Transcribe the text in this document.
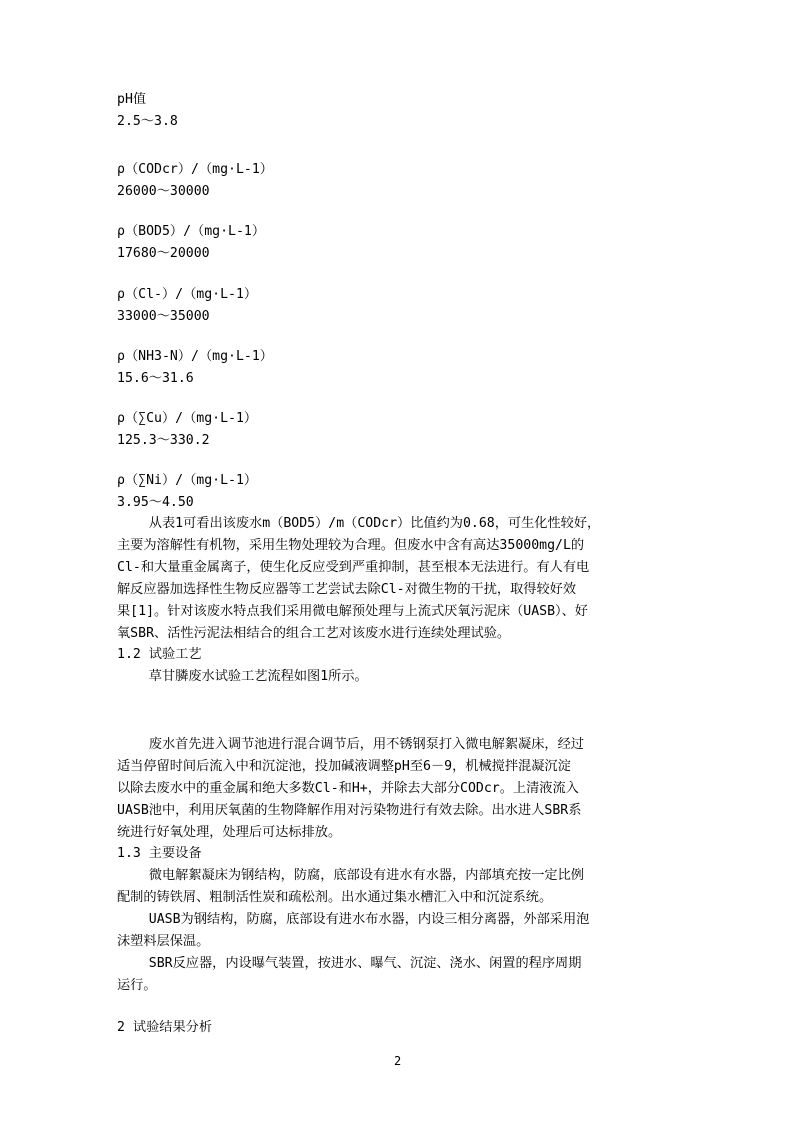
pH值

2.5～3.8

ρ（CODcr）/（mg·L-1）

26000～30000

ρ（BOD5）/（mg·L-1）

17680～20000

ρ（Cl-）/（mg·L-1）

33000～35000

ρ（NH3-N）/（mg·L-1）

15.6～31.6

ρ（∑Cu）/（mg·L-1）

125.3～330.2

ρ（∑Ni）/（mg·L-1）

3.95～4.50

从表1可看出该废水m（BOD5）/m（CODcr）比值约为0.68，可生化性较好，

主要为溶解性有机物，采用生物处理较为合理。但废水中含有高达35000mg/L的

Cl-和大量重金属离子，使生化反应受到严重抑制，甚至根本无法进行。有人有电

解反应器加选择性生物反应器等工艺尝试去除Cl-对微生物的干扰，取得较好效

果[1]。针对该废水特点我们采用微电解预处理与上流式厌氧污泥床（UASB）、好

氧SBR、活性污泥法相结合的组合工艺对该废水进行连续处理试验。

1.2 试验工艺

草甘膦废水试验工艺流程如图1所示。

废水首先进入调节池进行混合调节后，用不锈钢泵打入微电解絮凝床，经过

适当停留时间后流入中和沉淀池，投加碱液调整pH至6－9，机械搅拌混凝沉淀

以除去废水中的重金属和绝大多数Cl-和H+，并除去大部分CODcr。上清液流入

UASB池中，利用厌氧菌的生物降解作用对污染物进行有效去除。出水进人SBR系

统进行好氧处理，处理后可达标排放。

1.3 主要设备

微电解絮凝床为钢结构，防腐，底部设有进水有水器，内部填充按一定比例

配制的铸铁屑、粗制活性炭和疏松剂。出水通过集水槽汇入中和沉淀系统。

UASB为钢结构，防腐，底部设有进水布水器，内设三相分离器，外部采用泡

沫塑料层保温。

SBR反应器，内设曝气装置，按进水、曝气、沉淀、浇水、闲置的程序周期

运行。

2 试验结果分析

2
